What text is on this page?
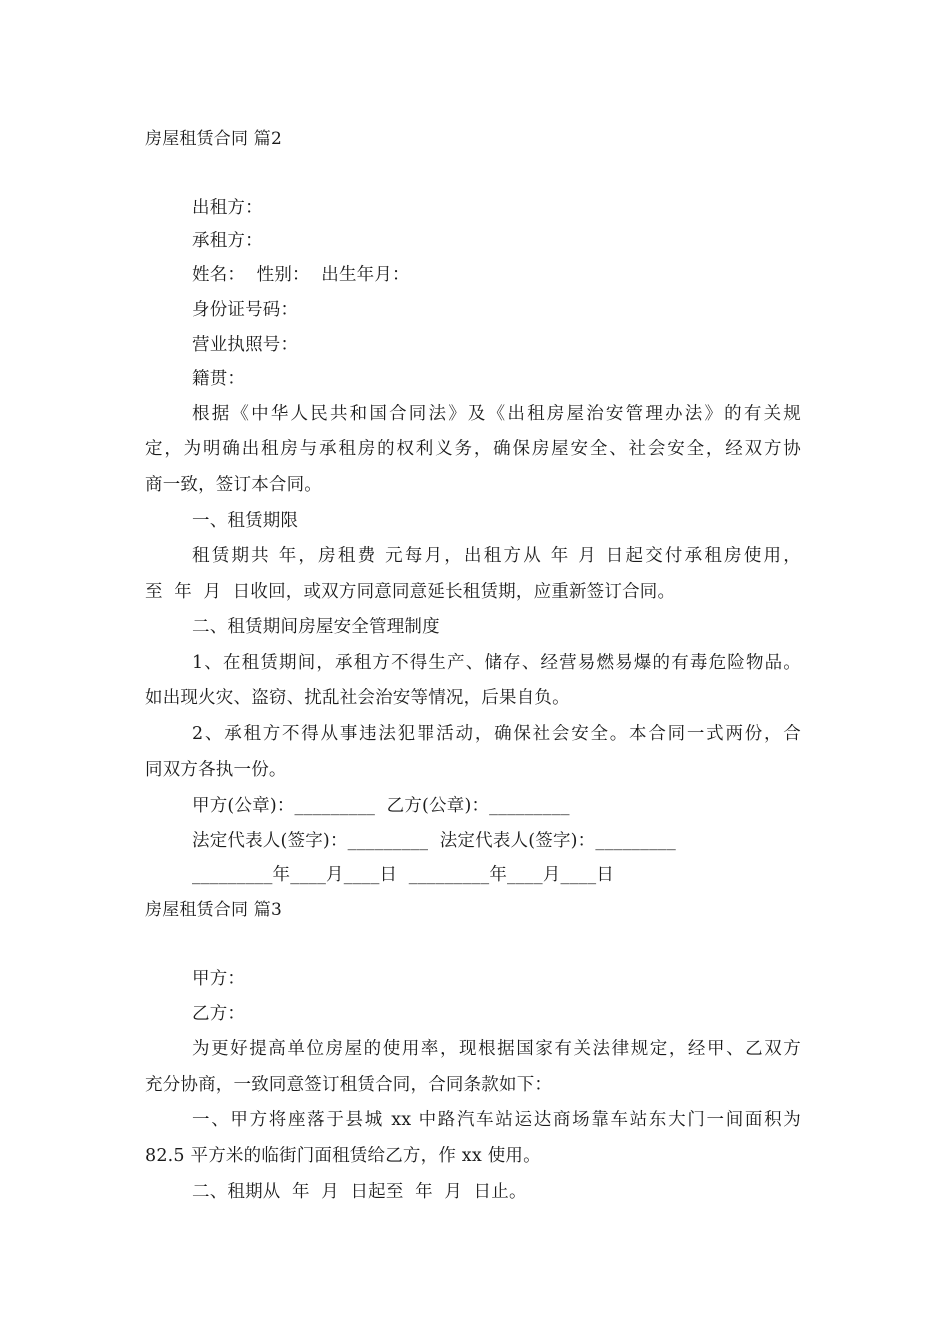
房屋租赁合同 篇2
出租方：
承租方：
姓名：  性别：  出生年月：
身份证号码：
营业执照号：
籍贯：
根据《中华人民共和国合同法》及《出租房屋治安管理办法》的有关规
定，为明确出租房与承租房的权利义务，确保房屋安全、社会安全，经双方协
商一致，签订本合同。
一、租赁期限
租赁期共 年，房租费 元每月，出租方从 年 月 日起交付承租房使用，
至  年  月  日收回，或双方同意同意延长租赁期，应重新签订合同。
二、租赁期间房屋安全管理制度
1、在租赁期间，承租方不得生产、储存、经营易燃易爆的有毒危险物品。
如出现火灾、盗窃、扰乱社会治安等情况，后果自负。
2、承租方不得从事违法犯罪活动，确保社会安全。本合同一式两份，合
同双方各执一份。
甲方(公章)：_________  乙方(公章)：_________
法定代表人(签字)：_________  法定代表人(签字)：_________
_________年____月____日  _________年____月____日
房屋租赁合同 篇3
甲方：
乙方：
为更好提高单位房屋的使用率，现根据国家有关法律规定，经甲、乙双方
充分协商，一致同意签订租赁合同，合同条款如下：
一、甲方将座落于县城 xx 中路汽车站运达商场靠车站东大门一间面积为
82.5 平方米的临街门面租赁给乙方，作 xx 使用。
二、租期从  年  月  日起至  年  月  日止。
